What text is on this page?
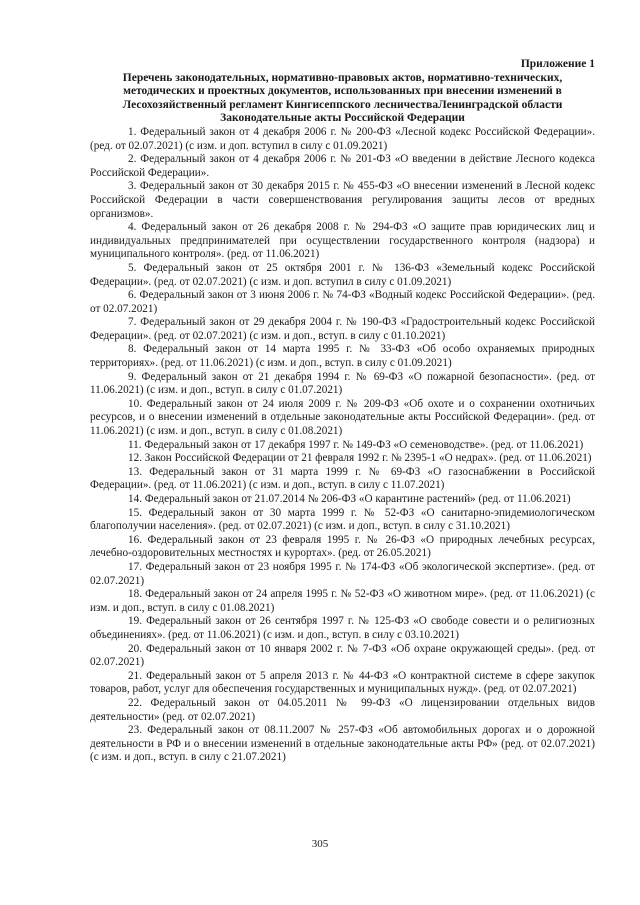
Приложение 1
Перечень законодательных, нормативно-правовых актов, нормативно-технических,
методических и проектных документов, использованных при внесении изменений в
Лесохозяйственный регламент Кингисеппского лесничестваЛенинградской области
Законодательные акты Российской Федерации

1. Федеральный закон от 4 декабря 2006 г. № 200-ФЗ «Лесной кодекс Российской Федерации». (ред. от 02.07.2021) (с изм. и доп. вступил в силу с 01.09.2021)

2. Федеральный закон от 4 декабря 2006 г. № 201-ФЗ «О введении в действие Лесного кодекса Российской Федерации».

3. Федеральный закон от 30 декабря 2015 г. № 455-ФЗ «О внесении изменений в Лесной кодекс Российской Федерации в части совершенствования регулирования защиты лесов от вредных организмов».

4. Федеральный закон от 26 декабря 2008 г. № 294-ФЗ «О защите прав юридических лиц и индивидуальных предпринимателей при осуществлении государственного контроля (надзора) и муниципального контроля». (ред. от 11.06.2021)

5. Федеральный закон от 25 октября 2001 г. № 136-ФЗ «Земельный кодекс Российской Федерации». (ред. от 02.07.2021) (с изм. и доп. вступил в силу с 01.09.2021)

6. Федеральный закон от 3 июня 2006 г. № 74-ФЗ «Водный кодекс Российской Федерации». (ред. от 02.07.2021)

7. Федеральный закон от 29 декабря 2004 г. № 190-ФЗ «Градостроительный кодекс Российской Федерации». (ред. от 02.07.2021) (с изм. и доп., вступ. в силу с 01.10.2021)

8. Федеральный закон от 14 марта 1995 г. № 33-ФЗ «Об особо охраняемых природных территориях». (ред. от 11.06.2021) (с изм. и доп., вступ. в силу с 01.09.2021)

9. Федеральный закон от 21 декабря 1994 г. № 69-ФЗ «О пожарной безопасности». (ред. от 11.06.2021) (с изм. и доп., вступ. в силу с 01.07.2021)

10. Федеральный закон от 24 июля 2009 г. № 209-ФЗ «Об охоте и о сохранении охотничьих ресурсов, и о внесении изменений в отдельные законодательные акты Российской Федерации». (ред. от 11.06.2021) (с изм. и доп., вступ. в силу с 01.08.2021)

11. Федеральный закон от 17 декабря 1997 г. № 149-ФЗ «О семеноводстве». (ред. от 11.06.2021)

12. Закон Российской Федерации от 21 февраля 1992 г. № 2395-1 «О недрах». (ред. от 11.06.2021)

13. Федеральный закон от 31 марта 1999 г. № 69-ФЗ «О газоснабжении в Российской Федерации». (ред. от 11.06.2021) (с изм. и доп., вступ. в силу с 11.07.2021)

14. Федеральный закон от 21.07.2014 № 206-ФЗ «О карантине растений» (ред. от 11.06.2021)

15. Федеральный закон от 30 марта 1999 г. № 52-ФЗ «О санитарно-эпидемиологическом благополучии населения». (ред. от 02.07.2021) (с изм. и доп., вступ. в силу с 31.10.2021)

16. Федеральный закон от 23 февраля 1995 г. № 26-ФЗ «О природных лечебных ресурсах, лечебно-оздоровительных местностях и курортах». (ред. от 26.05.2021)

17. Федеральный закон от 23 ноября 1995 г. № 174-ФЗ «Об экологической экспертизе». (ред. от 02.07.2021)

18. Федеральный закон от 24 апреля 1995 г. № 52-ФЗ «О животном мире». (ред. от 11.06.2021) (с изм. и доп., вступ. в силу с 01.08.2021)

19. Федеральный закон от 26 сентября 1997 г. № 125-ФЗ «О свободе совести и о религиозных объединениях». (ред. от 11.06.2021) (с изм. и доп., вступ. в силу с 03.10.2021)

20. Федеральный закон от 10 января 2002 г. № 7-ФЗ «Об охране окружающей среды». (ред. от 02.07.2021)

21. Федеральный закон от 5 апреля 2013 г. № 44-ФЗ «О контрактной системе в сфере закупок товаров, работ, услуг для обеспечения государственных и муниципальных нужд». (ред. от 02.07.2021)

22. Федеральный закон от 04.05.2011 № 99-ФЗ «О лицензировании отдельных видов деятельности» (ред. от 02.07.2021)

23. Федеральный закон от 08.11.2007 № 257-ФЗ «Об автомобильных дорогах и о дорожной деятельности в РФ и о внесении изменений в отдельные законодательные акты РФ» (ред. от 02.07.2021) (с изм. и доп., вступ. в силу с 21.07.2021)

305
